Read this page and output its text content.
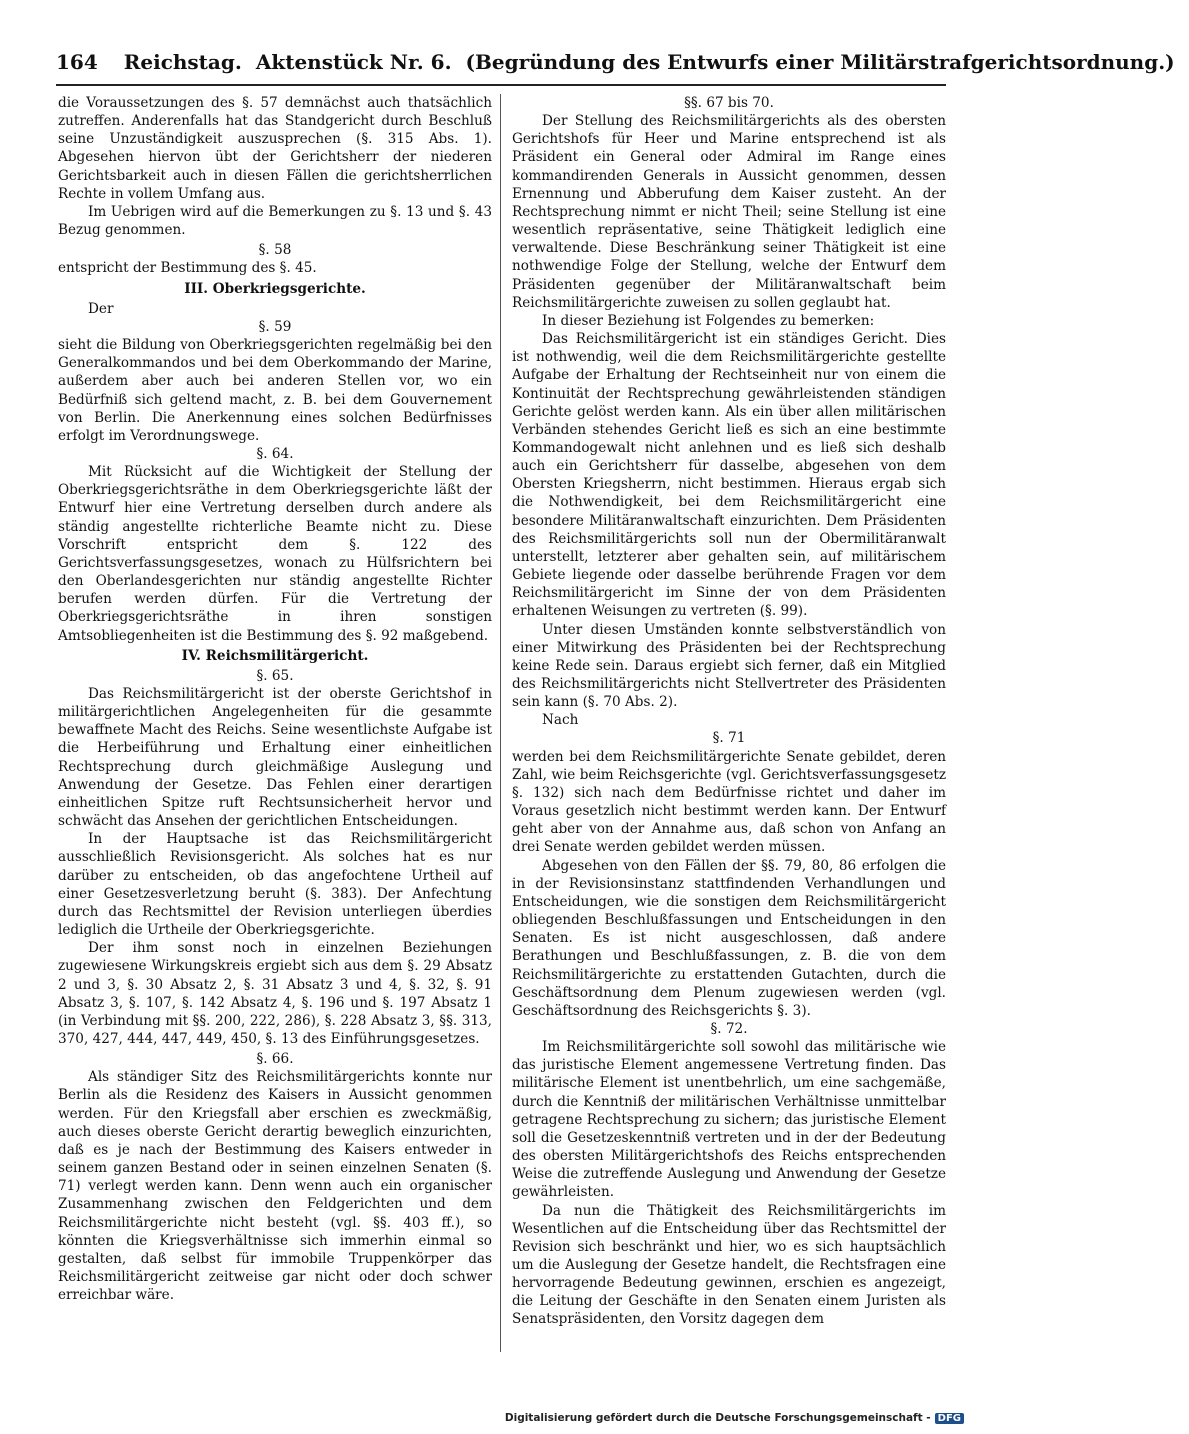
164 Reichstag. Aktenstück Nr. 6. (Begründung des Entwurfs einer Militärstrafgerichtsordnung.)

die Voraussetzungen des §. 57 demnächst auch thatsächlich zutreffen. Anderenfalls hat das Standgericht durch Beschluß seine Unzuständigkeit auszusprechen (§. 315 Abs. 1). Abgesehen hiervon übt der Gerichtsherr der niederen Gerichtsbarkeit auch in diesen Fällen die gerichtsherrlichen Rechte in vollem Umfang aus.

Im Uebrigen wird auf die Bemerkungen zu §. 13 und §. 43 Bezug genommen.

§. 58

entspricht der Bestimmung des §. 45.

III. Oberkriegsgerichte.

Der

§. 59

sieht die Bildung von Oberkriegsgerichten regelmäßig bei den Generalkommandos und bei dem Oberkommando der Marine, außerdem aber auch bei anderen Stellen vor, wo ein Bedürfniß sich geltend macht, z. B. bei dem Gouvernement von Berlin. Die Anerkennung eines solchen Bedürfnisses erfolgt im Verordnungswege.

§. 64.

Mit Rücksicht auf die Wichtigkeit der Stellung der Oberkriegsgerichtsräthe in dem Oberkriegsgerichte läßt der Entwurf hier eine Vertretung derselben durch andere als ständig angestellte richterliche Beamte nicht zu. Diese Vorschrift entspricht dem §. 122 des Gerichtsverfassungsgesetzes, wonach zu Hülfsrichtern bei den Oberlandesgerichten nur ständig angestellte Richter berufen werden dürfen. Für die Vertretung der Oberkriegsgerichtsräthe in ihren sonstigen Amtsobliegenheiten ist die Bestimmung des §. 92 maßgebend.

IV. Reichsmilitärgericht.

§. 65.

Das Reichsmilitärgericht ist der oberste Gerichtshof in militärgerichtlichen Angelegenheiten für die gesammte bewaffnete Macht des Reichs. Seine wesentlichste Aufgabe ist die Herbeiführung und Erhaltung einer einheitlichen Rechtsprechung durch gleichmäßige Auslegung und Anwendung der Gesetze. Das Fehlen einer derartigen einheitlichen Spitze ruft Rechtsunsicherheit hervor und schwächt das Ansehen der gerichtlichen Entscheidungen.

In der Hauptsache ist das Reichsmilitärgericht ausschließlich Revisionsgericht. Als solches hat es nur darüber zu entscheiden, ob das angefochtene Urtheil auf einer Gesetzesverletzung beruht (§. 383). Der Anfechtung durch das Rechtsmittel der Revision unterliegen überdies lediglich die Urtheile der Oberkriegsgerichte.

Der ihm sonst noch in einzelnen Beziehungen zugewiesene Wirkungskreis ergiebt sich aus dem §. 29 Absatz 2 und 3, §. 30 Absatz 2, §. 31 Absatz 3 und 4, §. 32, §. 91 Absatz 3, §. 107, §. 142 Absatz 4, §. 196 und §. 197 Absatz 1 (in Verbindung mit §§. 200, 222, 286), §. 228 Absatz 3, §§. 313, 370, 427, 444, 447, 449, 450, §. 13 des Einführungsgesetzes.

§. 66.

Als ständiger Sitz des Reichsmilitärgerichts konnte nur Berlin als die Residenz des Kaisers in Aussicht genommen werden. Für den Kriegsfall aber erschien es zweckmäßig, auch dieses oberste Gericht derartig beweglich einzurichten, daß es je nach der Bestimmung des Kaisers entweder in seinem ganzen Bestand oder in seinen einzelnen Senaten (§. 71) verlegt werden kann. Denn wenn auch ein organischer Zusammenhang zwischen den Feldgerichten und dem Reichsmilitärgerichte nicht besteht (vgl. §§. 403 ff.), so könnten die Kriegsverhältnisse sich immerhin einmal so gestalten, daß selbst für immobile Truppenkörper das Reichsmilitärgericht zeitweise gar nicht oder doch schwer erreichbar wäre.

§§. 67 bis 70.

Der Stellung des Reichsmilitärgerichts als des obersten Gerichtshofs für Heer und Marine entsprechend ist als Präsident ein General oder Admiral im Range eines kommandirenden Generals in Aussicht genommen, dessen Ernennung und Abberufung dem Kaiser zusteht. An der Rechtsprechung nimmt er nicht Theil; seine Stellung ist eine wesentlich repräsentative, seine Thätigkeit lediglich eine verwaltende. Diese Beschränkung seiner Thätigkeit ist eine nothwendige Folge der Stellung, welche der Entwurf dem Präsidenten gegenüber der Militäranwaltschaft beim Reichsmilitärgerichte zuweisen zu sollen geglaubt hat.

In dieser Beziehung ist Folgendes zu bemerken:

Das Reichsmilitärgericht ist ein ständiges Gericht. Dies ist nothwendig, weil die dem Reichsmilitärgerichte gestellte Aufgabe der Erhaltung der Rechtseinheit nur von einem die Kontinuität der Rechtsprechung gewährleistenden ständigen Gerichte gelöst werden kann. Als ein über allen militärischen Verbänden stehendes Gericht ließ es sich an eine bestimmte Kommandogewalt nicht anlehnen und es ließ sich deshalb auch ein Gerichtsherr für dasselbe, abgesehen von dem Obersten Kriegsherrn, nicht bestimmen. Hieraus ergab sich die Nothwendigkeit, bei dem Reichsmilitärgericht eine besondere Militäranwaltschaft einzurichten. Dem Präsidenten des Reichsmilitärgerichts soll nun der Obermilitäranwalt unterstellt, letzterer aber gehalten sein, auf militärischem Gebiete liegende oder dasselbe berührende Fragen vor dem Reichsmilitärgericht im Sinne der von dem Präsidenten erhaltenen Weisungen zu vertreten (§. 99).

Unter diesen Umständen konnte selbstverständlich von einer Mitwirkung des Präsidenten bei der Rechtsprechung keine Rede sein. Daraus ergiebt sich ferner, daß ein Mitglied des Reichsmilitärgerichts nicht Stellvertreter des Präsidenten sein kann (§. 70 Abs. 2).

Nach

§. 71

werden bei dem Reichsmilitärgerichte Senate gebildet, deren Zahl, wie beim Reichsgerichte (vgl. Gerichtsverfassungsgesetz §. 132) sich nach dem Bedürfnisse richtet und daher im Voraus gesetzlich nicht bestimmt werden kann. Der Entwurf geht aber von der Annahme aus, daß schon von Anfang an drei Senate werden gebildet werden müssen.

Abgesehen von den Fällen der §§. 79, 80, 86 erfolgen die in der Revisionsinstanz stattfindenden Verhandlungen und Entscheidungen, wie die sonstigen dem Reichsmilitärgericht obliegenden Beschlußfassungen und Entscheidungen in den Senaten. Es ist nicht ausgeschlossen, daß andere Berathungen und Beschlußfassungen, z. B. die von dem Reichsmilitärgerichte zu erstattenden Gutachten, durch die Geschäftsordnung dem Plenum zugewiesen werden (vgl. Geschäftsordnung des Reichsgerichts §. 3).

§. 72.

Im Reichsmilitärgerichte soll sowohl das militärische wie das juristische Element angemessene Vertretung finden. Das militärische Element ist unentbehrlich, um eine sachgemäße, durch die Kenntniß der militärischen Verhältnisse unmittelbar getragene Rechtsprechung zu sichern; das juristische Element soll die Gesetzeskenntniß vertreten und in der der Bedeutung des obersten Militärgerichtshofs des Reichs entsprechenden Weise die zutreffende Auslegung und Anwendung der Gesetze gewährleisten.

Da nun die Thätigkeit des Reichsmilitärgerichts im Wesentlichen auf die Entscheidung über das Rechtsmittel der Revision sich beschränkt und hier, wo es sich hauptsächlich um die Auslegung der Gesetze handelt, die Rechtsfragen eine hervorragende Bedeutung gewinnen, erschien es angezeigt, die Leitung der Geschäfte in den Senaten einem Juristen als Senatspräsidenten, den Vorsitz dagegen dem

Digitalisierung gefördert durch die Deutsche Forschungsgemeinschaft - DFG
